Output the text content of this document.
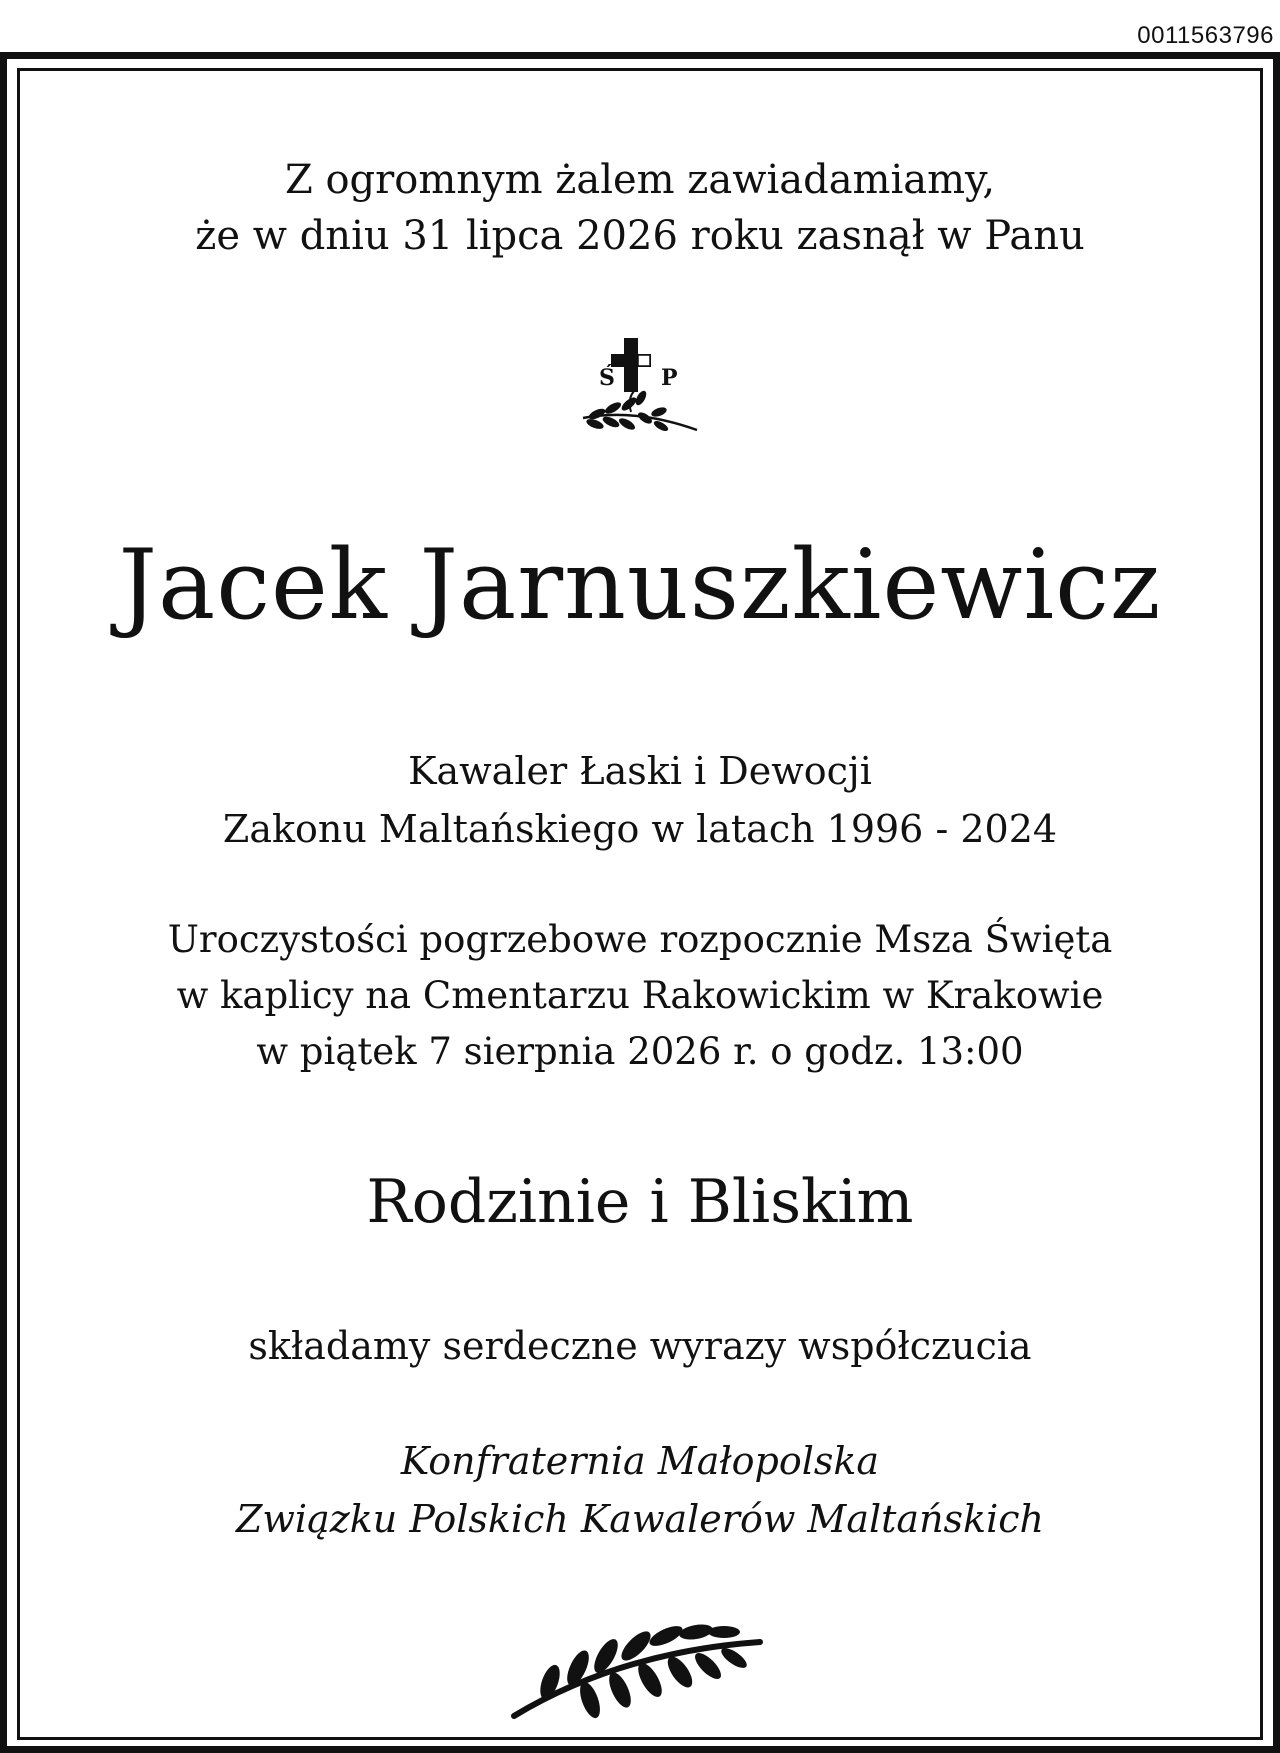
0011563796
Z ogromnym żalem zawiadamiamy,
że w dniu 31 lipca 2026 roku zasnął w Panu
Ś P
Jacek Jarnuszkiewicz
Kawaler Łaski i Dewocji
Zakonu Maltańskiego w latach 1996 - 2024
Uroczystości pogrzebowe rozpocznie Msza Święta
w kaplicy na Cmentarzu Rakowickim w Krakowie
w piątek 7 sierpnia 2026 r. o godz. 13:00
Rodzinie i Bliskim
składamy serdeczne wyrazy współczucia
Konfraternia Małopolska
Związku Polskich Kawalerów Maltańskich
